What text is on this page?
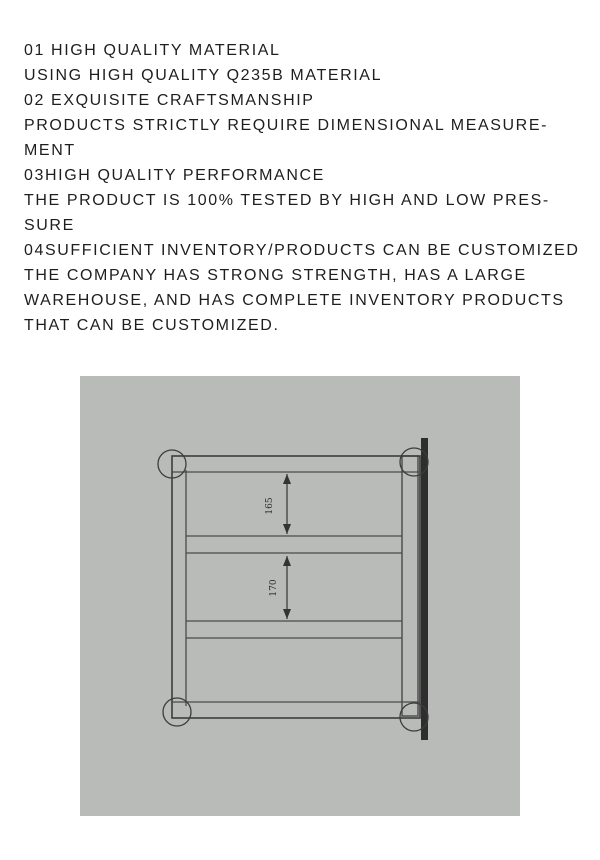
01 HIGH QUALITY MATERIAL
USING HIGH QUALITY Q235B MATERIAL
02 EXQUISITE CRAFTSMANSHIP
PRODUCTS STRICTLY REQUIRE DIMENSIONAL MEASURE-
MENT
03HIGH QUALITY PERFORMANCE
THE PRODUCT IS 100% TESTED BY HIGH AND LOW PRES-
SURE
04SUFFICIENT INVENTORY/PRODUCTS CAN BE CUSTOMIZED
THE COMPANY HAS STRONG STRENGTH, HAS A LARGE
WAREHOUSE, AND HAS COMPLETE INVENTORY PRODUCTS
THAT CAN BE CUSTOMIZED.
165
170
